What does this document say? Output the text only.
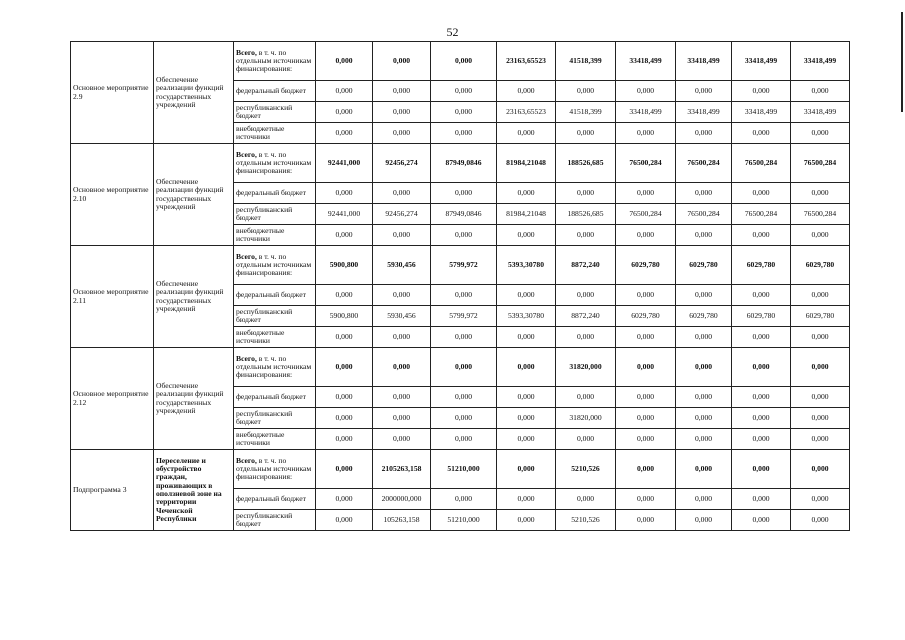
52
Основное мероприятие 2.9	Обеспечение реализации функций государственных учреждений	Всего, в т. ч. по отдельным источникам финансирования:	0,000	0,000	0,000	23163,65523	41518,399	33418,499	33418,499	33418,499	33418,499
		федеральный бюджет	0,000	0,000	0,000	0,000	0,000	0,000	0,000	0,000	0,000
		республиканский бюджет	0,000	0,000	0,000	23163,65523	41518,399	33418,499	33418,499	33418,499	33418,499
		внебюджетные источники	0,000	0,000	0,000	0,000	0,000	0,000	0,000	0,000	0,000
Основное мероприятие 2.10	Обеспечение реализации функций государственных учреждений	Всего, в т. ч. по отдельным источникам финансирования:	92441,000	92456,274	87949,0846	81984,21048	188526,685	76500,284	76500,284	76500,284	76500,284
		федеральный бюджет	0,000	0,000	0,000	0,000	0,000	0,000	0,000	0,000	0,000
		республиканский бюджет	92441,000	92456,274	87949,0846	81984,21048	188526,685	76500,284	76500,284	76500,284	76500,284
		внебюджетные источники	0,000	0,000	0,000	0,000	0,000	0,000	0,000	0,000	0,000
Основное мероприятие 2.11	Обеспечение реализации функций государственных учреждений	Всего, в т. ч. по отдельным источникам финансирования:	5900,800	5930,456	5799,972	5393,30780	8872,240	6029,780	6029,780	6029,780	6029,780
		федеральный бюджет	0,000	0,000	0,000	0,000	0,000	0,000	0,000	0,000	0,000
		республиканский бюджет	5900,800	5930,456	5799,972	5393,30780	8872,240	6029,780	6029,780	6029,780	6029,780
		внебюджетные источники	0,000	0,000	0,000	0,000	0,000	0,000	0,000	0,000	0,000
Основное мероприятие 2.12	Обеспечение реализации функций государственных учреждений	Всего, в т. ч. по отдельным источникам финансирования:	0,000	0,000	0,000	0,000	31820,000	0,000	0,000	0,000	0,000
		федеральный бюджет	0,000	0,000	0,000	0,000	0,000	0,000	0,000	0,000	0,000
		республиканский бюджет	0,000	0,000	0,000	0,000	31820,000	0,000	0,000	0,000	0,000
		внебюджетные источники	0,000	0,000	0,000	0,000	0,000	0,000	0,000	0,000	0,000
Подпрограмма 3	Переселение и обустройство граждан, проживающих в оползневой зоне на территории Чеченской Республики	Всего, в т. ч. по отдельным источникам финансирования:	0,000	2105263,158	51210,000	0,000	5210,526	0,000	0,000	0,000	0,000
		федеральный бюджет	0,000	2000000,000	0,000	0,000	0,000	0,000	0,000	0,000	0,000
		республиканский бюджет	0,000	105263,158	51210,000	0,000	5210,526	0,000	0,000	0,000	0,000
